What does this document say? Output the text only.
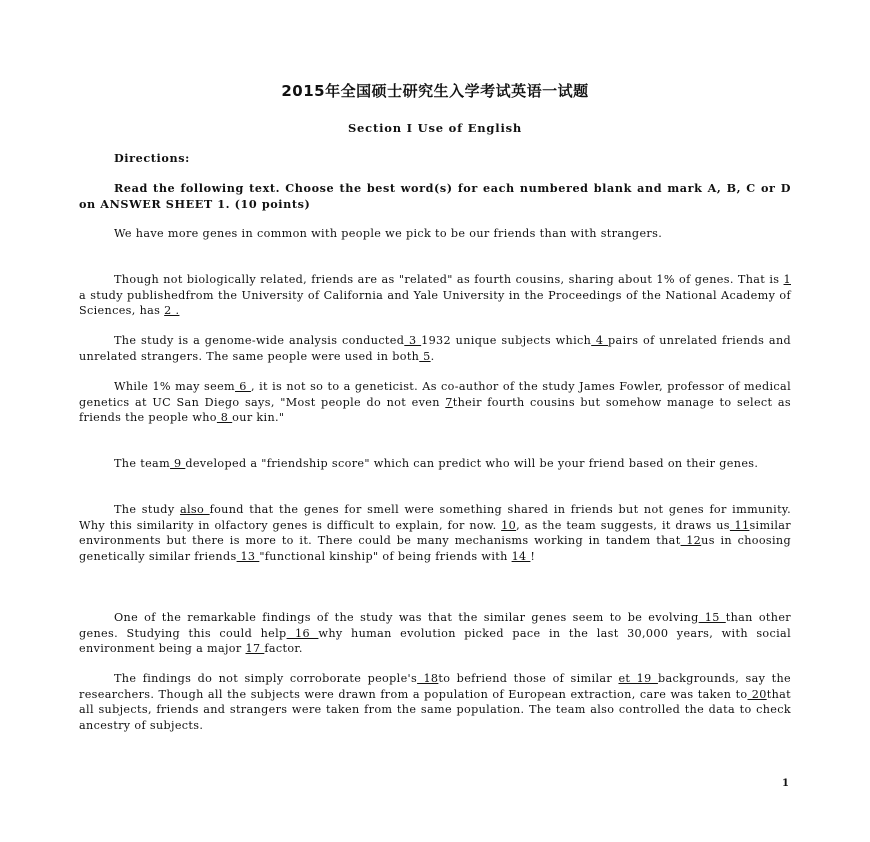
2015年全国硕士研究生入学考试英语一试题
Section I Use of English
Directions:
Read the following text. Choose the best word(s) for each numbered blank and mark A, B, C or D on ANSWER SHEET 1. (10 points)
We have more genes in common with people we pick to be our friends than with strangers.
Though not biologically related, friends are as "related" as fourth cousins, sharing about 1% of genes. That is 1 a study publishedfrom the University of California and Yale University in the Proceedings of the National Academy of Sciences, has 2 .
The study is a genome-wide analysis conducted 3 1932 unique subjects which 4 pairs of unrelated friends and unrelated strangers. The same people were used in both 5.
While 1% may seem 6 , it is not so to a geneticist. As co-author of the study James Fowler, professor of medical genetics at UC San Diego says, "Most people do not even 7their fourth cousins but somehow manage to select as friends the people who 8 our kin."
The team 9 developed a "friendship score" which can predict who will be your friend based on their genes.
The study also found that the genes for smell were something shared in friends but not genes for immunity. Why this similarity in olfactory genes is difficult to explain, for now. 10, as the team suggests, it draws us 11similar environments but there is more to it. There could be many mechanisms working in tandem that 12us in choosing genetically similar friends 13 "functional kinship" of being friends with 14 !
One of the remarkable findings of the study was that the similar genes seem to be evolving 15 than other genes. Studying this could help 16 why human evolution picked pace in the last 30,000 years, with social environment being a major 17 factor.
The findings do not simply corroborate people's 18to befriend those of similar et 19 backgrounds, say the researchers. Though all the subjects were drawn from a population of European extraction, care was taken to 20that all subjects, friends and strangers were taken from the same population. The team also controlled the data to check ancestry of subjects.
1
